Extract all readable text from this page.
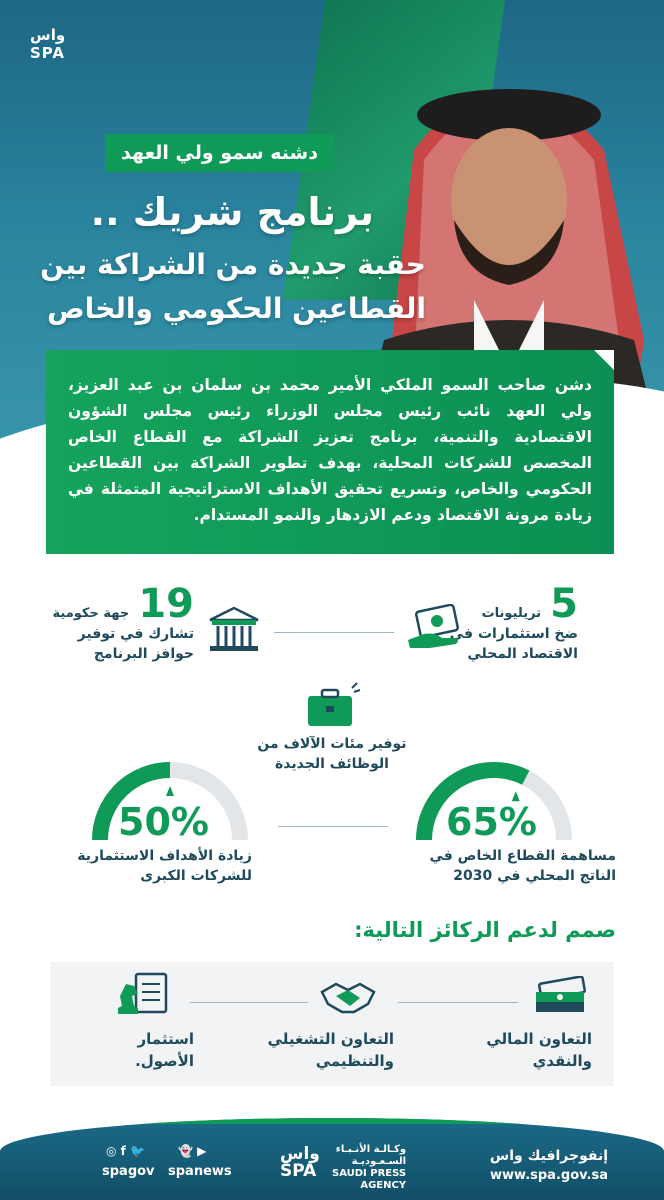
واس
SPA
دشنه سمو ولي العهد
برنامج شريك ..
حقبة جديدة من الشراكة بين
القطاعين الحكومي والخاص

دشن صاحب السمو الملكي الأمير محمد بن سلمان بن عبد العزيز، ولي العهد نائب رئيس مجلس الوزراء رئيس مجلس الشؤون الاقتصادية والتنمية، برنامج تعزيز الشراكة مع القطاع الخاص المخصص للشركات المحلية، بهدف تطوير الشراكة بين القطاعين الحكومي والخاص، وتسريع تحقيق الأهداف الاستراتيجية المتمثلة في زيادة مرونة الاقتصاد ودعم الازدهار والنمو المستدام.

5 تريليونات
ضخ استثمارات في
الاقتصاد المحلي
19 جهة حكومية
تشارك في توفير
حوافز البرنامج
توفير مئات الآلاف من
الوظائف الجديدة
65%
مساهمة القطاع الخاص في
الناتج المحلي في 2030
50%
زيادة الأهداف الاستثمارية
للشركات الكبرى
صمم لدعم الركائز التالية:
التعاون المالي
والنقدي
التعاون التشغيلي
والتنظيمي
استثمار
الأصول.
إنفوجرافيك واس
www.spa.gov.sa
واس
SPA
وكـالـة الأنـبـاء
السـعـوديـة
SAUDI PRESS
AGENCY
🐦 f ◎
spagov
▶ 👻
spanews
